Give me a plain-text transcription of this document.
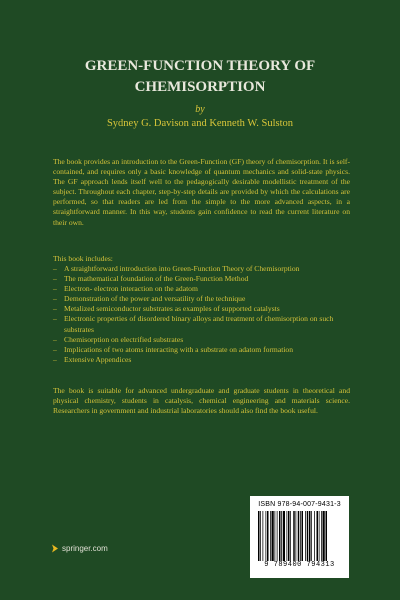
GREEN-FUNCTION THEORY OF
CHEMISORPTION
by
Sydney G. Davison and Kenneth W. Sulston

The book provides an introduction to the Green-Function (GF) theory of chemisorption. It is self-contained, and requires only a basic knowledge of quantum mechanics and solid-state physics. The GF approach lends itself well to the pedagogically desirable modellistic treatment of the subject. Throughout each chapter, step-by-step details are provided by which the calculations are performed, so that readers are led from the simple to the more advanced aspects, in a straightforward manner. In this way, students gain confidence to read the current literature on their own.

This book includes:

– A straightforward introduction into Green-Function Theory of Chemisorption
– The mathematical foundation of the Green-Function Method
– Electron- electron interaction on the adatom
– Demonstration of the power and versatility of the technique
– Metalized semiconductor substrates as examples of supported catalysts
– Electronic properties of disordered binary alloys and treatment of chemisorption on such substrates
– Chemisorption on electrified substrates
– Implications of two atoms interacting with a substrate on adatom formation
– Extensive Appendices

The book is suitable for advanced undergraduate and graduate students in theoretical and physical chemistry, students in catalysis, chemical engineering and materials science. Researchers in government and industrial laboratories should also find the book useful.

ISBN 978-94-007-9431-3
9 789400 794313
springer.com
